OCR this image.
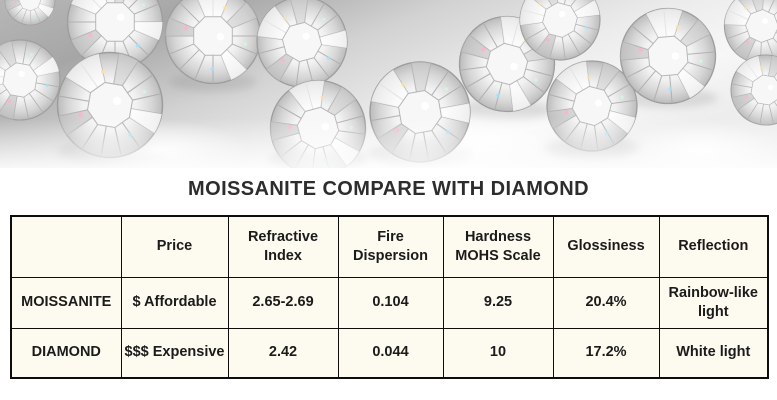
MOISSANITE COMPARE WITH DIAMOND
	Price	Refractive Index	Fire Dispersion	Hardness MOHS Scale	Glossiness	Reflection
MOISSANITE	$ Affordable	2.65-2.69	0.104	9.25	20.4%	Rainbow-like light
DIAMOND	$$$ Expensive	2.42	0.044	10	17.2%	White light
